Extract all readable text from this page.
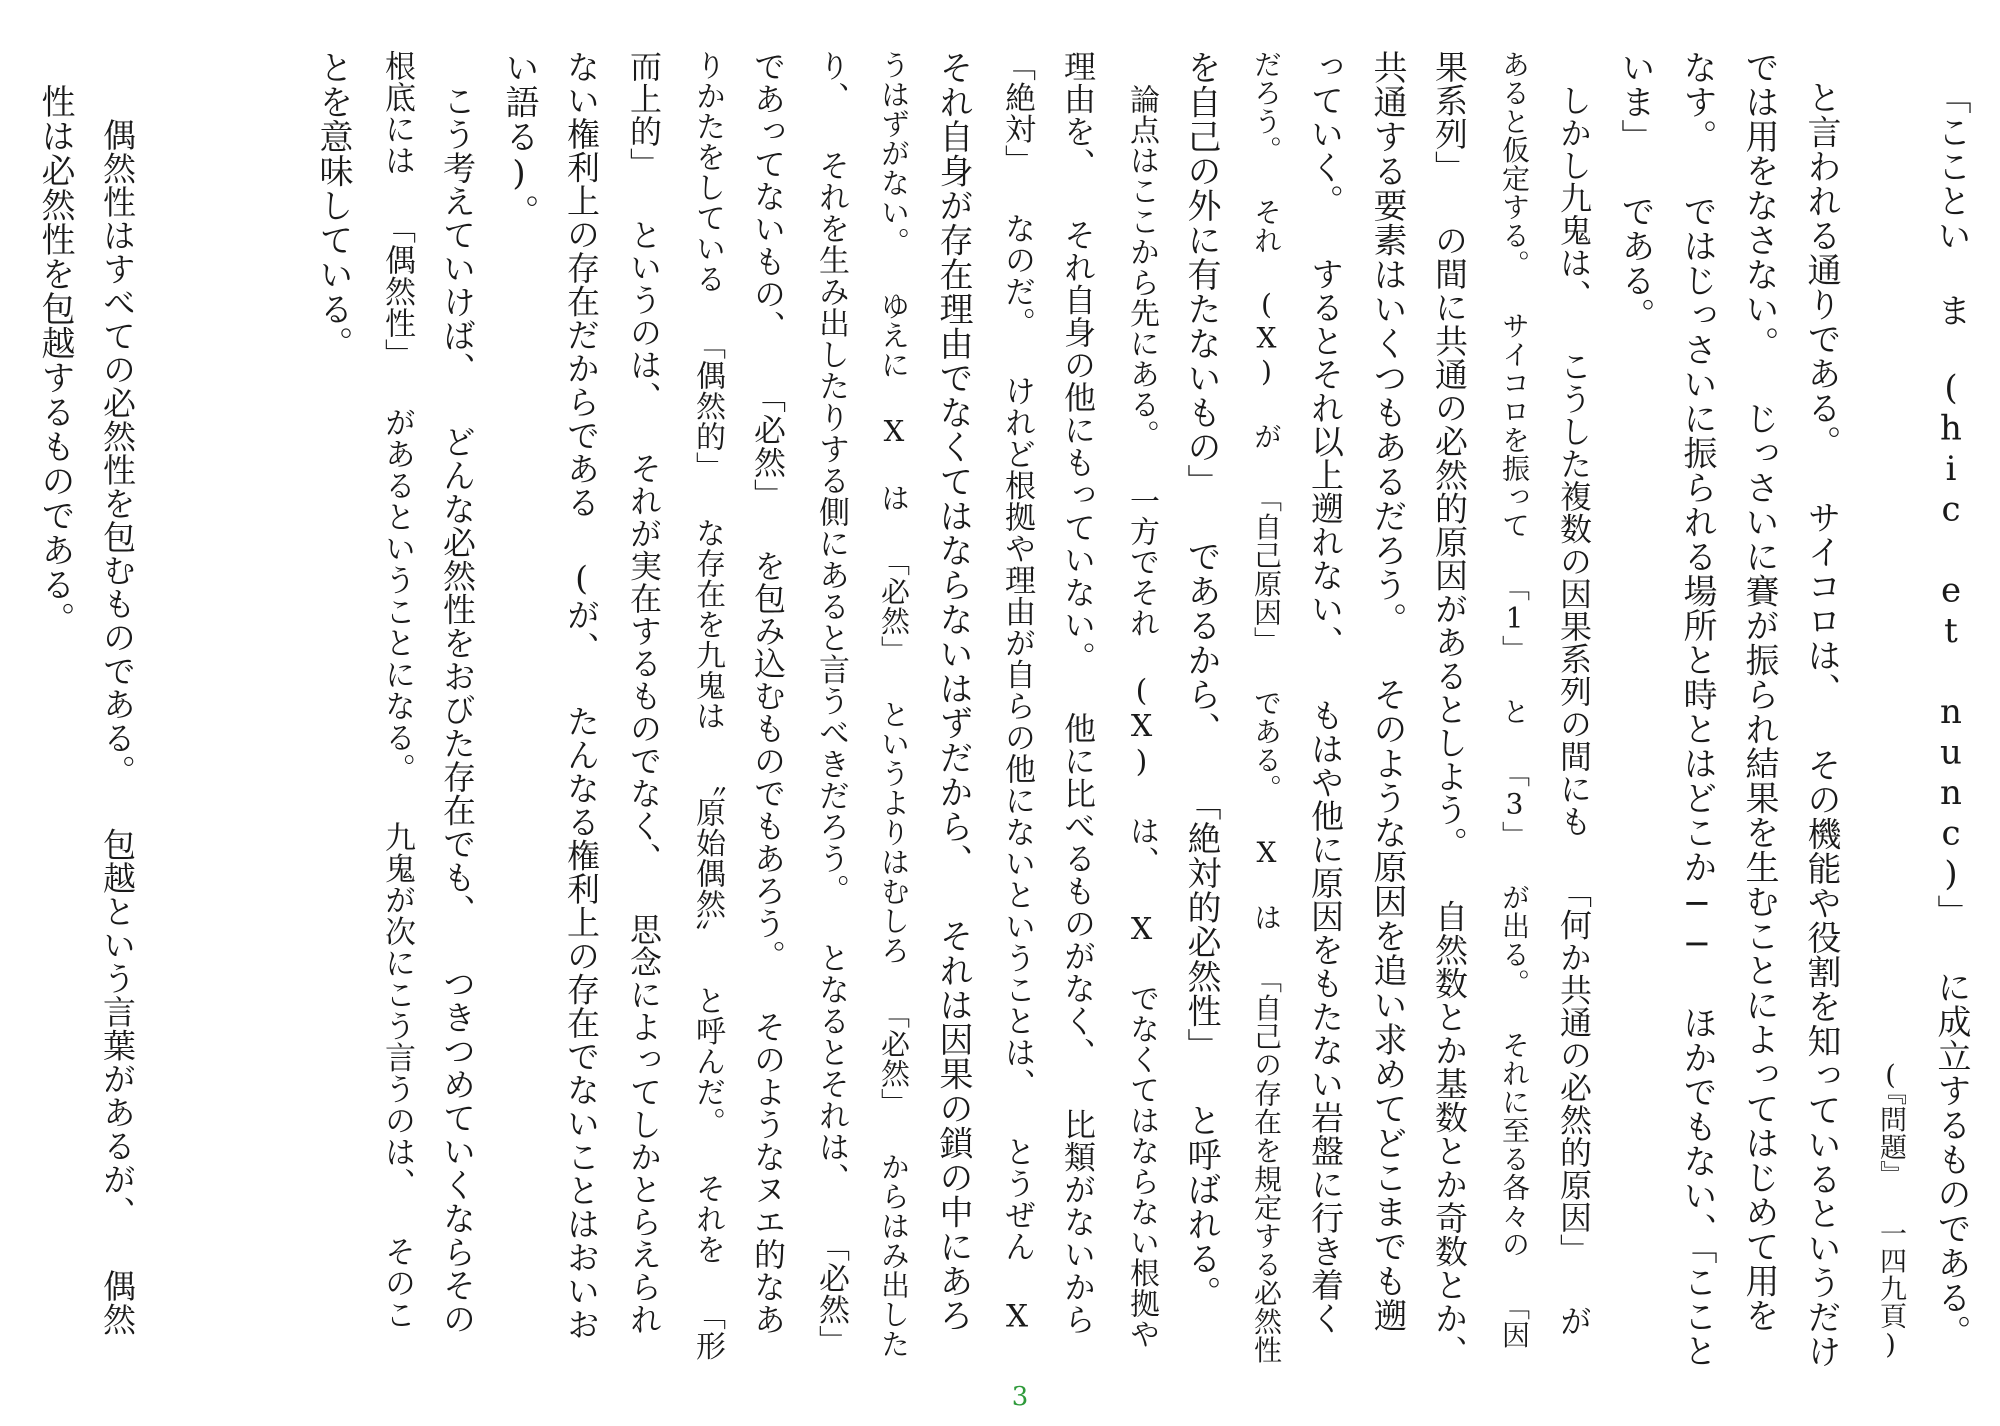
「こことい ま (hic et nunc)」 に成立するものである。
(『問題』 一四九頁)
と言われる通りである。 サイコロは、 その機能や役割を知っているというだけ
では用をなさない。 じっさいに賽が振られ結果を生むことによってはじめて用を
なす。 ではじっさいに振られる場所と時とはどこか── ほかでもない、「ここと
いま」 である。
しかし九鬼は、 こうした複数の因果系列の間にも 「何か共通の必然的原因」 が
あると仮定する。 サイコロを振って 「1」 と 「3」 が出る。 それに至る各々の 「因
果系列」 の間に共通の必然的原因があるとしよう。 自然数とか基数とか奇数とか、
共通する要素はいくつもあるだろう。 そのような原因を追い求めてどこまでも遡
っていく。 するとそれ以上遡れない、 もはや他に原因をもたない岩盤に行き着く
だろう。 それ (X) が 「自己原因」 である。 X は 「自己の存在を規定する必然性
を自己の外に有たないもの」 であるから、 「絶対的必然性」 と呼ばれる。
論点はここから先にある。 一方でそれ (X) は、 X でなくてはならない根拠や
理由を、 それ自身の他にもっていない。 他に比べるものがなく、 比類がないから
「絶対」 なのだ。 けれど根拠や理由が自らの他にないということは、 とうぜん X
それ自身が存在理由でなくてはならないはずだから、 それは因果の鎖の中にあろ
うはずがない。 ゆえに X は 「必然」 というよりはむしろ 「必然」 からはみ出した
り、 それを生み出したりする側にあると言うべきだろう。 となるとそれは、 「必然」
であってないもの、 「必然」 を包み込むものでもあろう。 そのようなヌエ的なあ
りかたをしている 「偶然的」 な存在を九鬼は 〝原始偶然〟 と呼んだ。 それを 「形
而上的」 というのは、 それが実在するものでなく、 思念によってしかとらえられ
ない権利上の存在だからである (が、 たんなる権利上の存在でないことはおいお
い語る)。
こう考えていけば、 どんな必然性をおびた存在でも、 つきつめていくならその
根底には 「偶然性」 があるということになる。 九鬼が次にこう言うのは、 そのこ
とを意味している。
偶然性はすべての必然性を包むものである。 包越という言葉があるが、 偶然
性は必然性を包越するものである。
3
